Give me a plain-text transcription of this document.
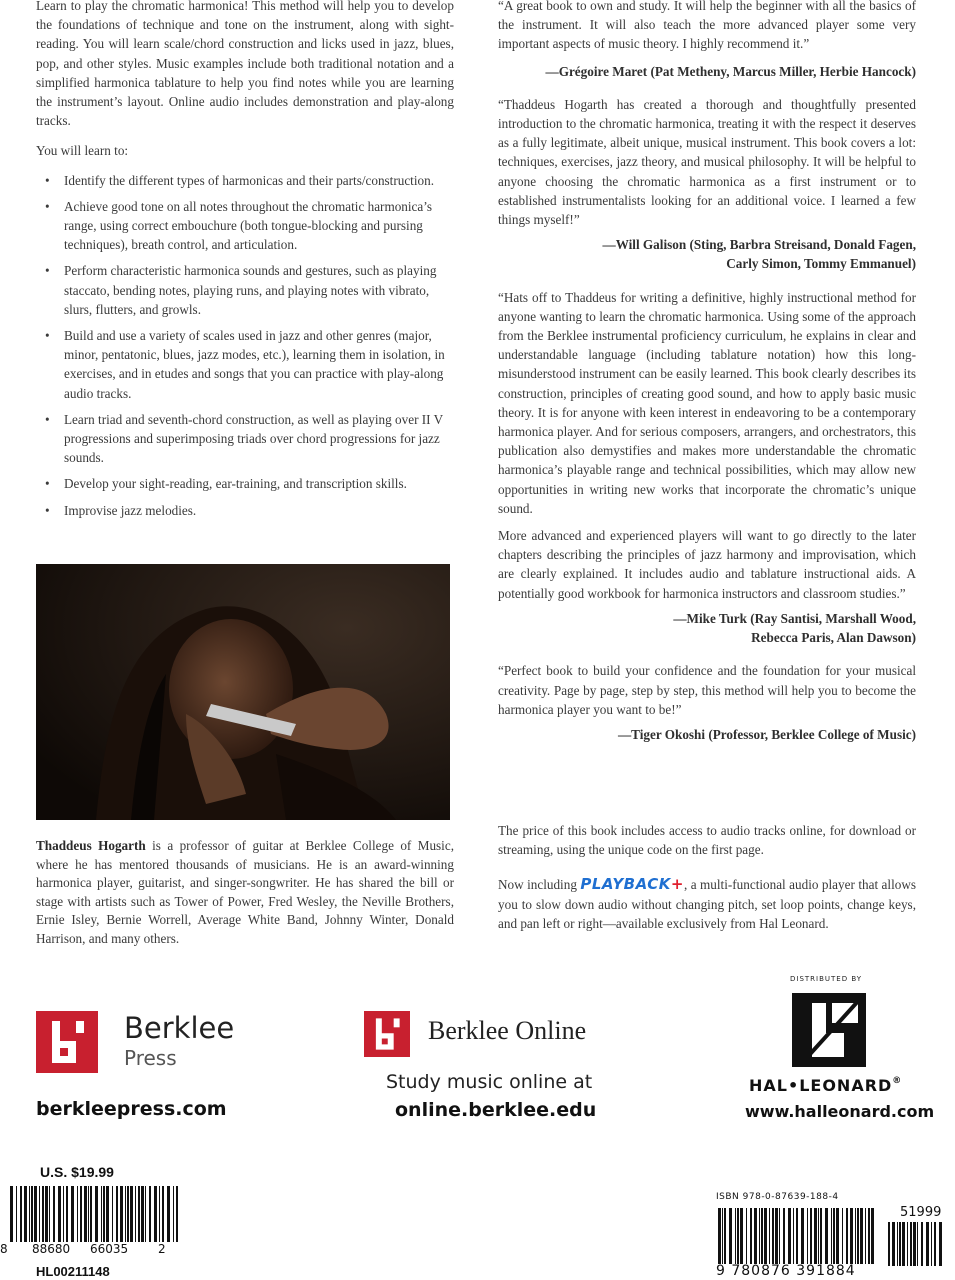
Learn to play the chromatic harmonica! This method will help you to develop the foundations of technique and tone on the instrument, along with sight-reading. You will learn scale/chord construction and licks used in jazz, blues, pop, and other styles. Music examples include both traditional notation and a simplified harmonica tablature to help you find notes while you are learning the instrument’s layout. Online audio includes demonstration and play-along tracks.

You will learn to:

• Identify the different types of harmonicas and their parts/construction.
• Achieve good tone on all notes throughout the chromatic harmonica’s range, using correct embouchure (both tongue-blocking and pursing techniques), breath control, and articulation.
• Perform characteristic harmonica sounds and gestures, such as playing staccato, bending notes, playing runs, and playing notes with vibrato, slurs, flutters, and growls.
• Build and use a variety of scales used in jazz and other genres (major, minor, pentatonic, blues, jazz modes, etc.), learning them in isolation, in exercises, and in etudes and songs that you can practice with play-along audio tracks.
• Learn triad and seventh-chord construction, as well as playing over II V progressions and superimposing triads over chord progressions for jazz sounds.
• Develop your sight-reading, ear-training, and transcription skills.
• Improvise jazz melodies.
Thaddeus Hogarth is a professor of guitar at Berklee College of Music, where he has mentored thousands of musicians. He is an award-winning harmonica player, guitarist, and singer-songwriter. He has shared the bill or stage with artists such as Tower of Power, Fred Wesley, the Neville Brothers, Ernie Isley, Bernie Worrell, Average White Band, Johnny Winter, Donald Harrison, and many others.

“A great book to own and study. It will help the beginner with all the basics of the instrument. It will also teach the more advanced player some very important aspects of music theory. I highly recommend it.”

—Grégoire Maret (Pat Metheny, Marcus Miller, Herbie Hancock)

“Thaddeus Hogarth has created a thorough and thoughtfully presented introduction to the chromatic harmonica, treating it with the respect it deserves as a fully legitimate, albeit unique, musical instrument. This book covers a lot: techniques, exercises, jazz theory, and musical philosophy. It will be helpful to anyone choosing the chromatic harmonica as a first instrument or to established instrumentalists looking for an additional voice. I learned a few things myself!”

—Will Galison (Sting, Barbra Streisand, Donald Fagen, Carly Simon, Tommy Emmanuel)

“Hats off to Thaddeus for writing a definitive, highly instructional method for anyone wanting to learn the chromatic harmonica. Using some of the approach from the Berklee instrumental proficiency curriculum, he explains in clear and understandable language (including tablature notation) how this long-misunderstood instrument can be easily learned. This book clearly describes its construction, principles of creating good sound, and how to apply basic music theory. It is for anyone with keen interest in endeavoring to be a contemporary harmonica player. And for serious composers, arrangers, and orchestrators, this publication also demystifies and makes more understandable the chromatic harmonica’s playable range and technical possibilities, which may allow new opportunities in writing new works that incorporate the chromatic’s unique sound.

More advanced and experienced players will want to go directly to the later chapters describing the principles of jazz harmony and improvisation, which are clearly explained. It includes audio and tablature instructional aids. A potentially good workbook for harmonica instructors and classroom studies.”

—Mike Turk (Ray Santisi, Marshall Wood, Rebecca Paris, Alan Dawson)

“Perfect book to build your confidence and the foundation for your musical creativity. Page by page, step by step, this method will help you to become the harmonica player you want to be!”

—Tiger Okoshi (Professor, Berklee College of Music)

The price of this book includes access to audio tracks online, for download or streaming, using the unique code on the first page.

Now including PLAYBACK+, a multi-functional audio player that allows you to slow down audio without changing pitch, set loop points, change keys, and pan left or right—available exclusively from Hal Leonard.

Berklee
Press
berkleepress.com
Berklee Online
Study music online at
online.berklee.edu
DISTRIBUTED BY
HAL•LEONARD®
www.halleonard.com
U.S. $19.99
8 88680 66035 2
HL00211148
ISBN 978-0-87639-188-4
51999
9 780876 391884
